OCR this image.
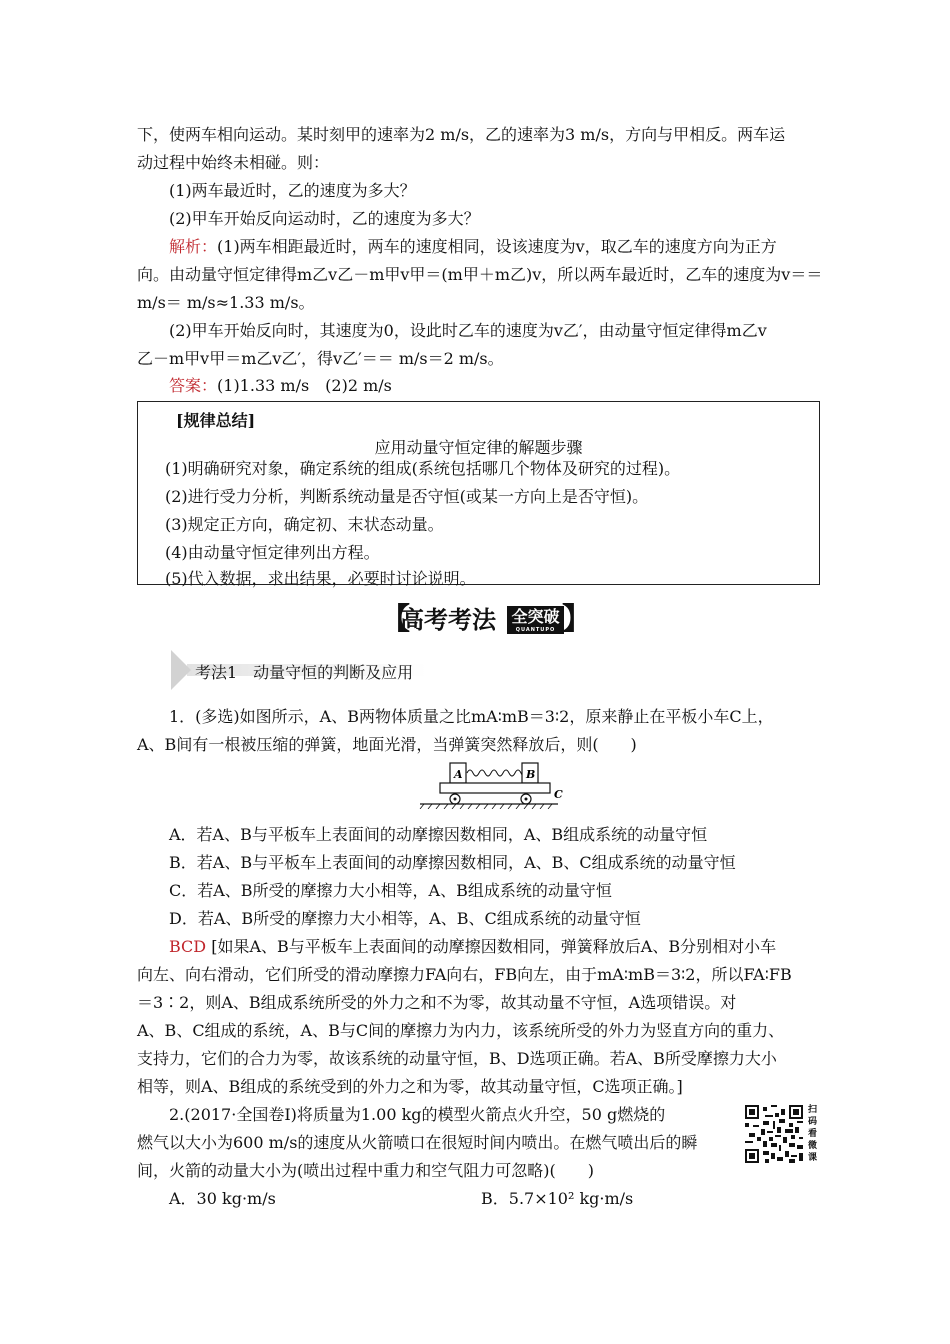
下，使两车相向运动。某时刻甲的速率为2 m/s，乙的速率为3 m/s，方向与甲相反。两车运
动过程中始终未相碰。则：
(1)两车最近时，乙的速度为多大？
(2)甲车开始反向运动时，乙的速度为多大？
解析：(1)两车相距最近时，两车的速度相同，设该速度为v，取乙车的速度方向为正方
向。由动量守恒定律得m乙v乙－m甲v甲＝(m甲＋m乙)v，所以两车最近时，乙车的速度为v＝＝
m/s＝ m/s≈1.33 m/s。
(2)甲车开始反向时，其速度为0，设此时乙车的速度为v乙′，由动量守恒定律得m乙v
乙－m甲v甲＝m乙v乙′，得v乙′＝＝ m/s＝2 m/s。
答案：(1)1.33 m/s　(2)2 m/s
[规律总结]
应用动量守恒定律的解题步骤
(1)明确研究对象，确定系统的组成(系统包括哪几个物体及研究的过程)。
(2)进行受力分析，判断系统动量是否守恒(或某一方向上是否守恒)。
(3)规定正方向，确定初、末状态动量。
(4)由动量守恒定律列出方程。
(5)代入数据，求出结果，必要时讨论说明。
【
高考考法 全突破
QUANTUPO 】
考法1　动量守恒的判断及应用
1．(多选)如图所示，A、B两物体质量之比mA∶mB＝3∶2，原来静止在平板小车C上，
A、B间有一根被压缩的弹簧，地面光滑，当弹簧突然释放后，则(　　)
A	B
C
A．若A、B与平板车上表面间的动摩擦因数相同，A、B组成系统的动量守恒
B．若A、B与平板车上表面间的动摩擦因数相同，A、B、C组成系统的动量守恒
C．若A、B所受的摩擦力大小相等，A、B组成系统的动量守恒
D．若A、B所受的摩擦力大小相等，A、B、C组成系统的动量守恒
BCD [如果A、B与平板车上表面间的动摩擦因数相同，弹簧释放后A、B分别相对小车
向左、向右滑动，它们所受的滑动摩擦力FA向右，FB向左，由于mA∶mB＝3∶2，所以FA∶FB
＝3∶2，则A、B组成系统所受的外力之和不为零，故其动量不守恒，A选项错误。对
A、B、C组成的系统，A、B与C间的摩擦力为内力，该系统所受的外力为竖直方向的重力、
支持力，它们的合力为零，故该系统的动量守恒，B、D选项正确。若A、B所受摩擦力大小
相等，则A、B组成的系统受到的外力之和为零，故其动量守恒，C选项正确。]
2.(2017·全国卷Ⅰ)将质量为1.00 kg的模型火箭点火升空，50 g燃烧的
燃气以大小为600 m/s的速度从火箭喷口在很短时间内喷出。在燃气喷出后的瞬
间，火箭的动量大小为(喷出过程中重力和空气阻力可忽略)(　　)
A．30 kg·m/s	B．5.7×10² kg·m/s
扫码看微课
